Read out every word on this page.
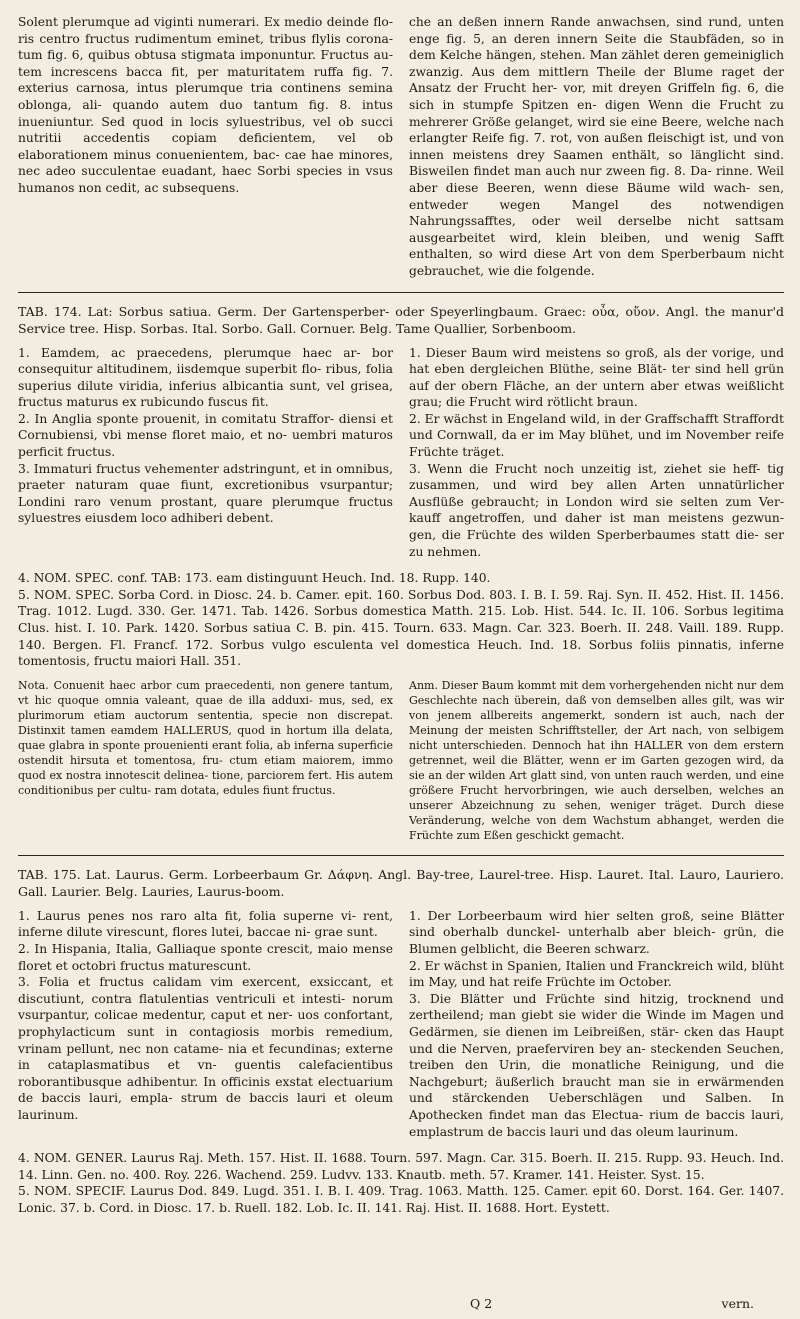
Solent plerumque ad viginti numerari. Ex medio deinde flo- ris centro fructus rudimentum eminet, tribus flylis corona- tum fig. 6, quibus obtusa stigmata imponuntur. Fructus au- tem increscens bacca fit, per maturitatem ruffa fig. 7. exterius carnosa, intus plerumque tria continens semina oblonga, ali- quando autem duo tantum fig. 8. intus inueniuntur. Sed quod in locis syluestribus, vel ob succi nutritii accedentis copiam deficientem, vel ob elaborationem minus conuenientem, bac- cae hae minores, nec adeo succulentae euadant, haec Sorbi species in vsus humanos non cedit, ac subsequens.

che an deßen innern Rande anwachsen, sind rund, unten enge fig. 5, an deren innern Seite die Staubfäden, so in dem Kelche hängen, stehen. Man zählet deren gemeiniglich zwanzig. Aus dem mittlern Theile der Blume raget der Ansatz der Frucht her- vor, mit dreyen Griffeln fig. 6, die sich in stumpfe Spitzen en- digen Wenn die Frucht zu mehrerer Größe gelanget, wird sie eine Beere, welche nach erlangter Reife fig. 7. rot, von außen fleischigt ist, und von innen meistens drey Saamen enthält, so länglicht sind. Bisweilen findet man auch nur zween fig. 8. Da- rinne. Weil aber diese Beeren, wenn diese Bäume wild wach- sen, entweder wegen Mangel des notwendigen Nahrungssafftes, oder weil derselbe nicht sattsam ausgearbeitet wird, klein bleiben, und wenig Safft enthalten, so wird diese Art von dem Sperberbaum nicht gebrauchet, wie die folgende.

TAB. 174. Lat: Sorbus satiua. Germ. Der Gartensperber- oder Speyerlingbaum. Graec: οὖα, οὔον. Angl. the manur'd Service tree. Hisp. Sorbas. Ital. Sorbo. Gall. Cornuer. Belg. Tame Quallier, Sorbenboom.

1. Eamdem, ac praecedens, plerumque haec ar- bor consequitur altitudinem, iisdemque superbit flo- ribus, folia superius dilute viridia, inferius albicantia sunt, vel grisea, fructus maturus ex rubicundo fuscus fit.

2. In Anglia sponte prouenit, in comitatu Straffor- diensi et Cornubiensi, vbi mense floret maio, et no- uembri maturos perficit fructus.

3. Immaturi fructus vehementer adstringunt, et in omnibus, praeter naturam quae fiunt, excretionibus vsurpantur; Londini raro venum prostant, quare plerumque fructus syluestres eiusdem loco adhiberi debent.

1. Dieser Baum wird meistens so groß, als der vorige, und hat eben dergleichen Blüthe, seine Blät- ter sind hell grün auf der obern Fläche, an der untern aber etwas weißlicht grau; die Frucht wird rötlicht braun.

2. Er wächst in Engeland wild, in der Graffschafft Straffordt und Cornwall, da er im May blühet, und im November reife Früchte träget.

3. Wenn die Frucht noch unzeitig ist, ziehet sie heff- tig zusammen, und wird bey allen Arten unnatürlicher Ausflüße gebraucht; in London wird sie selten zum Ver- kauff angetroffen, und daher ist man meistens gezwun- gen, die Früchte des wilden Sperberbaumes statt die- ser zu nehmen.

4. NOM. SPEC. conf. TAB: 173. eam distinguunt Heuch. Ind. 18. Rupp. 140.

5. NOM. SPEC. Sorba Cord. in Diosc. 24. b. Camer. epit. 160. Sorbus Dod. 803. I. B. I. 59. Raj. Syn. II. 452. Hist. II. 1456. Trag. 1012. Lugd. 330. Ger. 1471. Tab. 1426. Sorbus domestica Matth. 215. Lob. Hist. 544. Ic. II. 106. Sorbus legitima Clus. hist. I. 10. Park. 1420. Sorbus satiua C. B. pin. 415. Tourn. 633. Magn. Car. 323. Boerh. II. 248. Vaill. 189. Rupp. 140. Bergen. Fl. Francf. 172. Sorbus vulgo esculenta vel domestica Heuch. Ind. 18. Sorbus foliis pinnatis, inferne tomentosis, fructu maiori Hall. 351.

Nota. Conuenit haec arbor cum praecedenti, non genere tantum, vt hic quoque omnia valeant, quae de illa adduxi- mus, sed, ex plurimorum etiam auctorum sententia, specie non discrepat. Distinxit tamen eamdem HALLERUS, quod in hortum illa delata, quae glabra in sponte prouenienti erant folia, ab inferna superficie ostendit hirsuta et tomentosa, fru- ctum etiam maiorem, immo quod ex nostra innotescit delinea- tione, parciorem fert. His autem conditionibus per cultu- ram dotata, edules fiunt fructus.

Anm. Dieser Baum kommt mit dem vorhergehenden nicht nur dem Geschlechte nach überein, daß von demselben alles gilt, was wir von jenem allbereits angemerkt, sondern ist auch, nach der Meinung der meisten Schrifftsteller, der Art nach, von selbigem nicht unterschieden. Dennoch hat ihn HALLER von dem erstern getrennet, weil die Blätter, wenn er im Garten gezogen wird, da sie an der wilden Art glatt sind, von unten rauch werden, und eine größere Frucht hervorbringen, wie auch derselben, welches an unserer Abzeichnung zu sehen, weniger träget. Durch diese Veränderung, welche von dem Wachstum abhanget, werden die Früchte zum Eßen geschickt gemacht.

TAB. 175. Lat. Laurus. Germ. Lorbeerbaum Gr. Δάφνη. Angl. Bay-tree, Laurel-tree. Hisp. Lauret. Ital. Lauro, Lauriero. Gall. Laurier. Belg. Lauries, Laurus-boom.

1. Laurus penes nos raro alta fit, folia superne vi- rent, inferne dilute virescunt, flores lutei, baccae ni- grae sunt.

2. In Hispania, Italia, Galliaque sponte crescit, maio mense floret et octobri fructus maturescunt.

3. Folia et fructus calidam vim exercent, exsiccant, et discutiunt, contra flatulentias ventriculi et intesti- norum vsurpantur, colicae medentur, caput et ner- uos confortant, prophylacticum sunt in contagiosis morbis remedium, vrinam pellunt, nec non catame- nia et fecundinas; externe in cataplasmatibus et vn- guentis calefacientibus roborantibusque adhibentur. In officinis exstat electuarium de baccis lauri, empla- strum de baccis lauri et oleum laurinum.

1. Der Lorbeerbaum wird hier selten groß, seine Blätter sind oberhalb dunckel- unterhalb aber bleich- grün, die Blumen gelblicht, die Beeren schwarz.

2. Er wächst in Spanien, Italien und Franckreich wild, blüht im May, und hat reife Früchte im October.

3. Die Blätter und Früchte sind hitzig, trocknend und zertheilend; man giebt sie wider die Winde im Magen und Gedärmen, sie dienen im Leibreißen, stär- cken das Haupt und die Nerven, praeferviren bey an- steckenden Seuchen, treiben den Urin, die monatliche Reinigung, und die Nachgeburt; äußerlich braucht man sie in erwärmenden und stärckenden Ueberschlägen und Salben. In Apothecken findet man das Electua- rium de baccis lauri, emplastrum de baccis lauri und das oleum laurinum.

4. NOM. GENER. Laurus Raj. Meth. 157. Hist. II. 1688. Tourn. 597. Magn. Car. 315. Boerh. II. 215. Rupp. 93. Heuch. Ind. 14. Linn. Gen. no. 400. Roy. 226. Wachend. 259. Ludvv. 133. Knautb. meth. 57. Kramer. 141. Heister. Syst. 15.

5. NOM. SPECIF. Laurus Dod. 849. Lugd. 351. I. B. I. 409. Trag. 1063. Matth. 125. Camer. epit 60. Dorst. 164. Ger. 1407. Lonic. 37. b. Cord. in Diosc. 17. b. Ruell. 182. Lob. Ic. II. 141. Raj. Hist. II. 1688. Hort. Eystett.

Q 2	vern.
